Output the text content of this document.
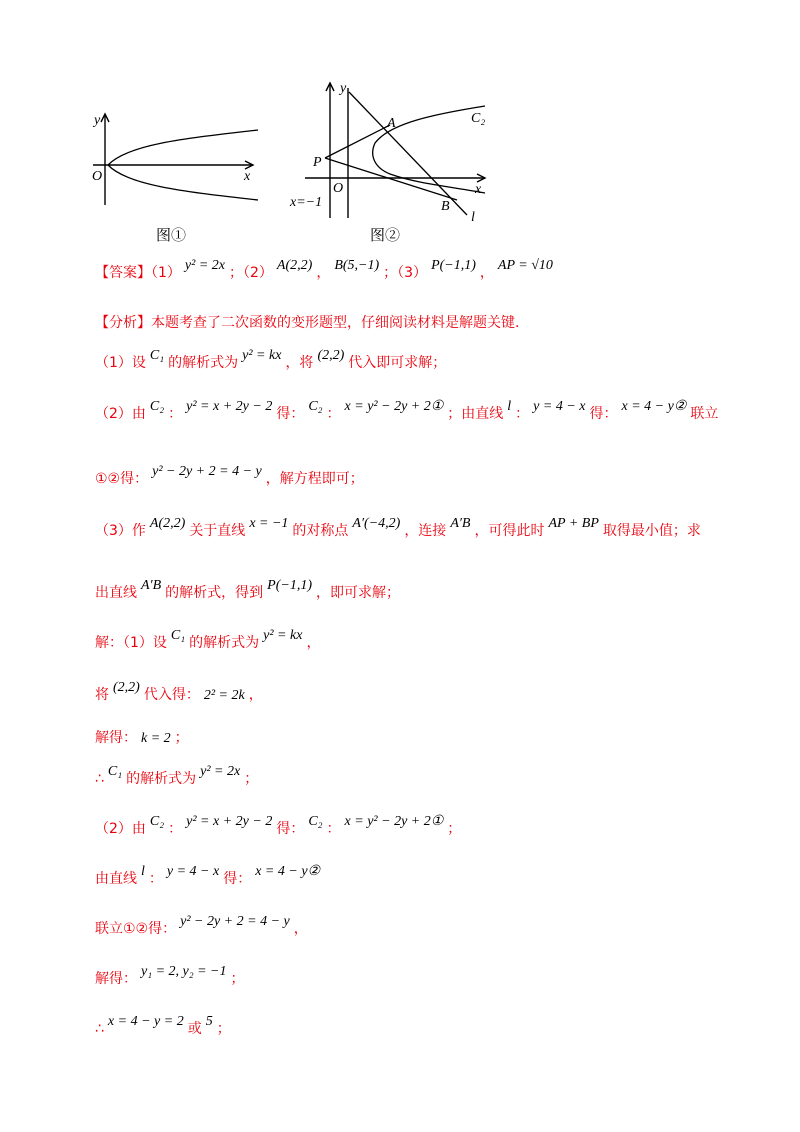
y
x
O
图①
y
x
O
A
B
P
C₂
l
x=−1
图②
【答案】（1） y² = 2x ；（2） A(2,2) ， B(5,−1) ；（3） P(−1,1) ， AP = √10
【分析】本题考查了二次函数的变形题型，仔细阅读材料是解题关键.
（1）设 C₁ 的解析式为 y² = kx ，将 (2,2) 代入即可求解；
（2）由 C₂ ： y² = x + 2y − 2 得： C₂ ： x = y² − 2y + 2① ；由直线 l ： y = 4 − x 得： x = 4 − y② 联立
①②得： y² − 2y + 2 = 4 − y ，解方程即可；
（3）作 A(2,2) 关于直线 x = −1 的对称点 A′(−4,2) ，连接 A′B ，可得此时 AP + BP 取得最小值；求
出直线 A′B 的解析式，得到 P(−1,1) ，即可求解；
解：（1）设 C₁ 的解析式为 y² = kx ，
将 (2,2) 代入得： 2² = 2k ，
解得： k = 2 ；
∴ C₁ 的解析式为 y² = 2x ；
（2）由 C₂ ： y² = x + 2y − 2 得： C₂ ： x = y² − 2y + 2① ；
由直线 l ： y = 4 − x 得： x = 4 − y②
联立①②得： y² − 2y + 2 = 4 − y ，
解得： y₁ = 2, y₂ = −1 ；
∴ x = 4 − y = 2 或 5 ；
